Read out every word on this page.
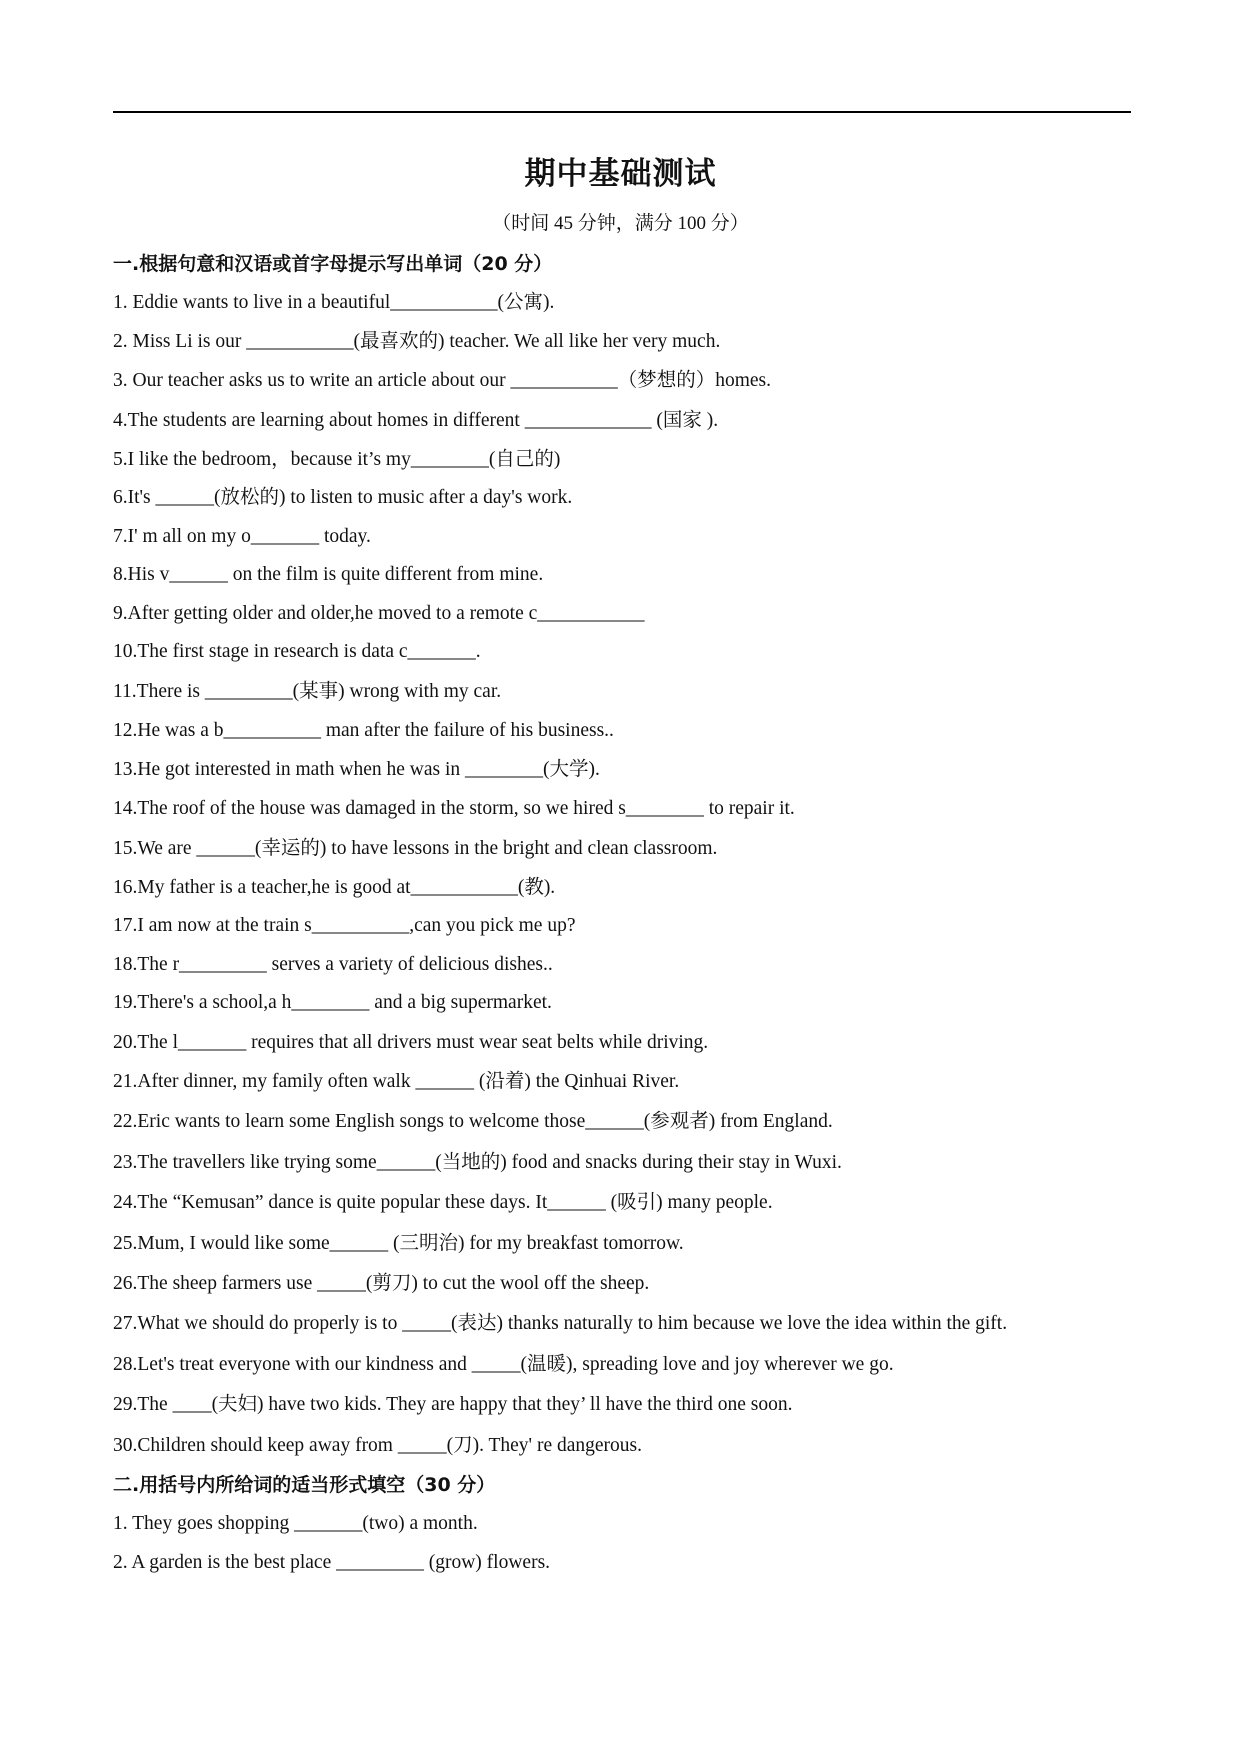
期中基础测试
（时间 45 分钟，满分 100 分）
一.根据句意和汉语或首字母提示写出单词（20 分）
1. Eddie wants to live in a beautiful___________(公寓).
2. Miss Li is our ___________(最喜欢的) teacher. We all like her very much.
3. Our teacher asks us to write an article about our ___________（梦想的）homes.
4.The students are learning about homes in different _____________ (国家 ).
5.I like the bedroom，because it’s my________(自己的)
6.It's ______(放松的) to listen to music after a day's work.
7.I' m all on my o_______ today.
8.His v______ on the film is quite different from mine.
9.After getting older and older,he moved to a remote c___________
10.The first stage in research is data c_______.
11.There is _________(某事) wrong with my car.
12.He was a b__________ man after the failure of his business..
13.He got interested in math when he was in ________(大学).
14.The roof of the house was damaged in the storm, so we hired s________ to repair it.
15.We are ______(幸运的) to have lessons in the bright and clean classroom.
16.My father is a teacher,he is good at___________(教).
17.I am now at the train s__________,can you pick me up?
18.The r_________ serves a variety of delicious dishes..
19.There's a school,a h________ and a big supermarket.
20.The l_______ requires that all drivers must wear seat belts while driving.
21.After dinner, my family often walk ______ (沿着) the Qinhuai River.
22.Eric wants to learn some English songs to welcome those______(参观者) from England.
23.The travellers like trying some______(当地的) food and snacks during their stay in Wuxi.
24.The “Kemusan” dance is quite popular these days. It______ (吸引) many people.
25.Mum, I would like some______ (三明治) for my breakfast tomorrow.
26.The sheep farmers use _____(剪刀) to cut the wool off the sheep.
27.What we should do properly is to _____(表达) thanks naturally to him because we love the idea within the gift.
28.Let's treat everyone with our kindness and _____(温暖), spreading love and joy wherever we go.
29.The ____(夫妇) have two kids. They are happy that they’ ll have the third one soon.
30.Children should keep away from _____(刀). They' re dangerous.
二.用括号内所给词的适当形式填空（30 分）
1. They goes shopping _______(two) a month.
2. A garden is the best place _________ (grow) flowers.
